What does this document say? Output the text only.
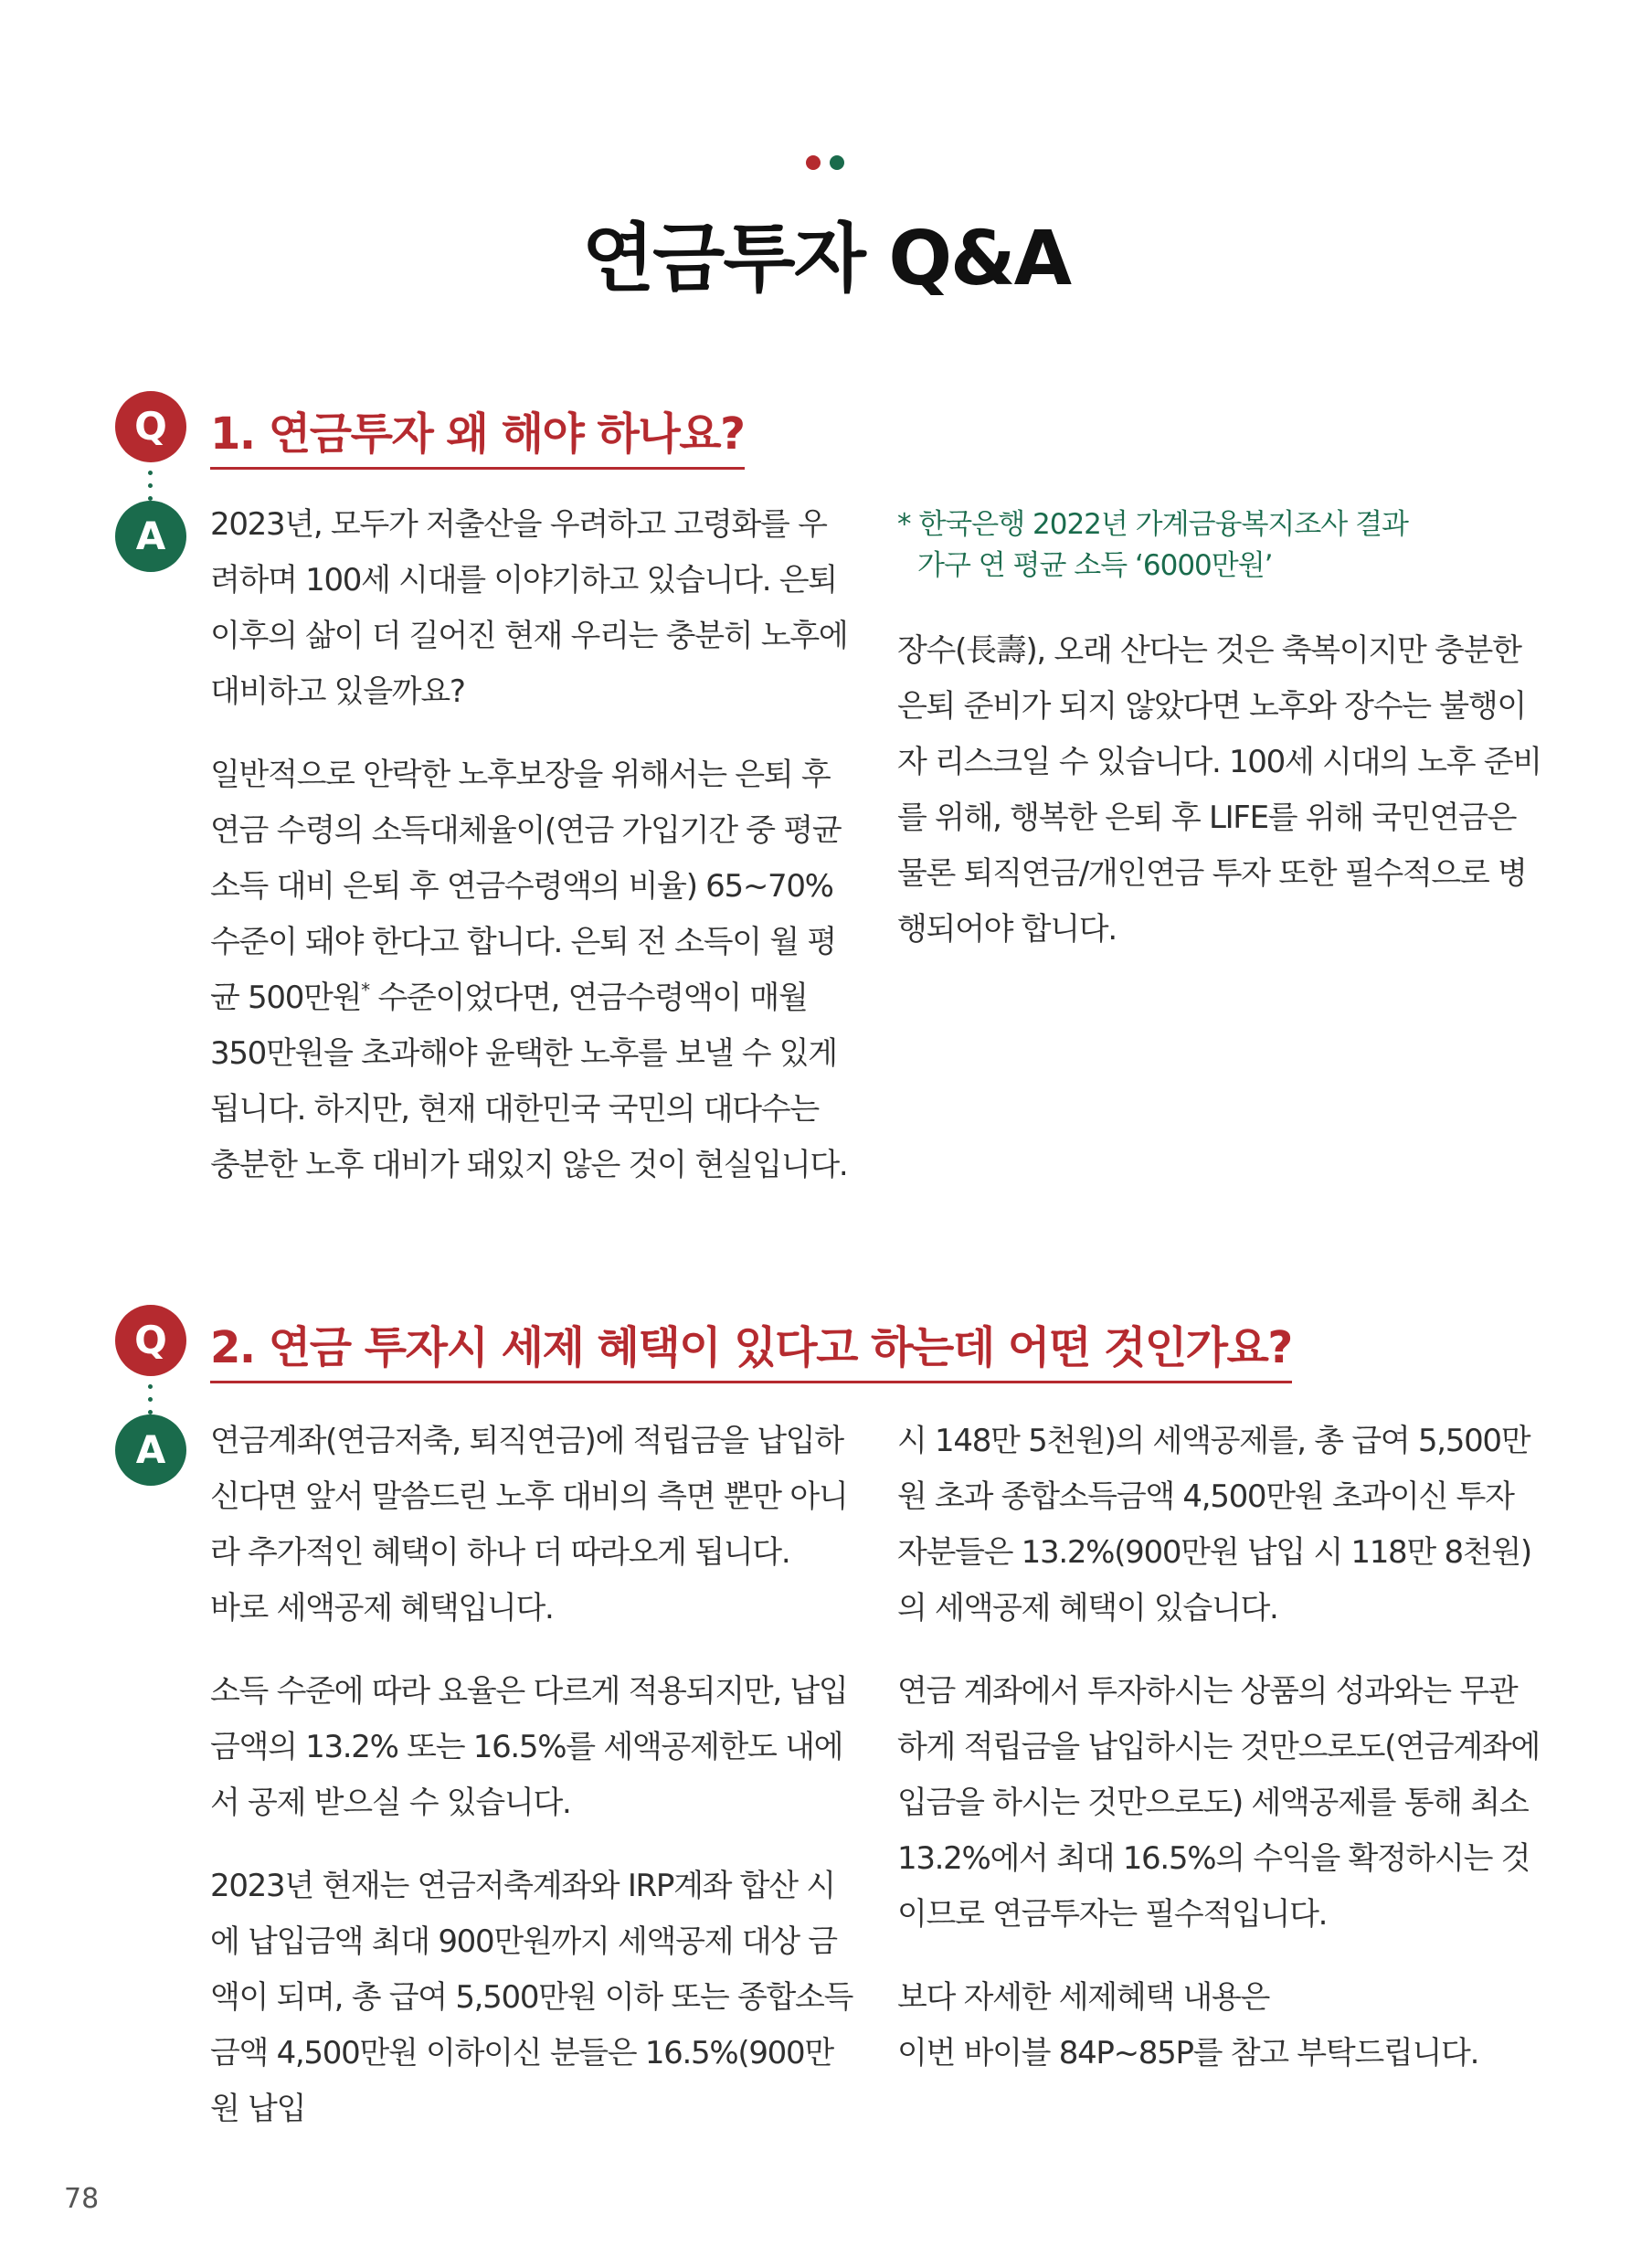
연금투자 Q&A
Q
A
1. 연금투자 왜 해야 하나요?

2023년, 모두가 저출산을 우려하고 고령화를 우려하며 100세 시대를 이야기하고 있습니다. 은퇴 이후의 삶이 더 길어진 현재 우리는 충분히 노후에 대비하고 있을까요?

일반적으로 안락한 노후보장을 위해서는 은퇴 후 연금 수령의 소득대체율이(연금 가입기간 중 평균 소득 대비 은퇴 후 연금수령액의 비율) 65~70% 수준이 돼야 한다고 합니다. 은퇴 전 소득이 월 평균 500만원* 수준이었다면, 연금수령액이 매월 350만원을 초과해야 윤택한 노후를 보낼 수 있게 됩니다. 하지만, 현재 대한민국 국민의 대다수는 충분한 노후 대비가 돼있지 않은 것이 현실입니다.

* 한국은행 2022년 가계금융복지조사 결과
가구 연 평균 소득 ‘6000만원’

장수(長壽), 오래 산다는 것은 축복이지만 충분한 은퇴 준비가 되지 않았다면 노후와 장수는 불행이자 리스크일 수 있습니다. 100세 시대의 노후 준비를 위해, 행복한 은퇴 후 LIFE를 위해 국민연금은 물론 퇴직연금/개인연금 투자 또한 필수적으로 병행되어야 합니다.

Q
A
2. 연금 투자시 세제 혜택이 있다고 하는데 어떤 것인가요?

연금계좌(연금저축, 퇴직연금)에 적립금을 납입하신다면 앞서 말씀드린 노후 대비의 측면 뿐만 아니라 추가적인 혜택이 하나 더 따라오게 됩니다.

바로 세액공제 혜택입니다.

소득 수준에 따라 요율은 다르게 적용되지만, 납입금액의 13.2% 또는 16.5%를 세액공제한도 내에서 공제 받으실 수 있습니다.

2023년 현재는 연금저축계좌와 IRP계좌 합산 시에 납입금액 최대 900만원까지 세액공제 대상 금액이 되며, 총 급여 5,500만원 이하 또는 종합소득금액 4,500만원 이하이신 분들은 16.5%(900만원 납입

시 148만 5천원)의 세액공제를, 총 급여 5,500만원 초과 종합소득금액 4,500만원 초과이신 투자자분들은 13.2%(900만원 납입 시 118만 8천원)의 세액공제 혜택이 있습니다.

연금 계좌에서 투자하시는 상품의 성과와는 무관하게 적립금을 납입하시는 것만으로도(연금계좌에 입금을 하시는 것만으로도) 세액공제를 통해 최소 13.2%에서 최대 16.5%의 수익을 확정하시는 것이므로 연금투자는 필수적입니다.

보다 자세한 세제혜택 내용은

이번 바이블 84P~85P를 참고 부탁드립니다.

78
